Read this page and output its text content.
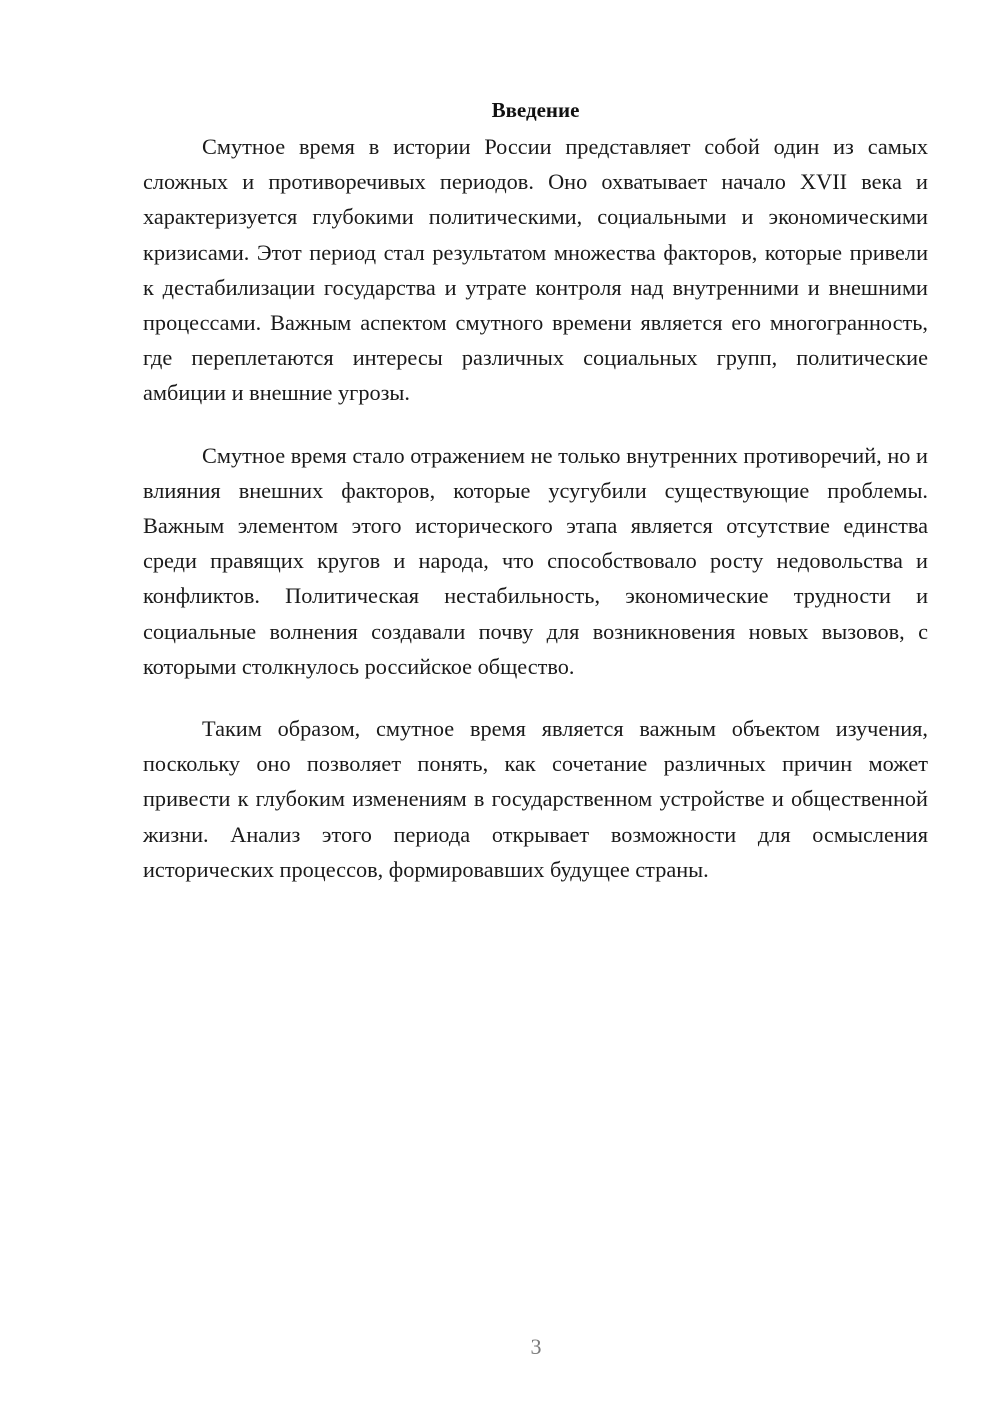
Введение

Смутное время в истории России представляет собой один из самых сложных и противоречивых периодов. Оно охватывает начало XVII века и характеризуется глубокими политическими, социальными и экономическими кризисами. Этот период стал результатом множества факторов, которые привели к дестабилизации государства и утрате контроля над внутренними и внешними процессами. Важным аспектом смутного времени является его многогранность, где переплетаются интересы различных социальных групп, политические амбиции и внешние угрозы.

Смутное время стало отражением не только внутренних противоречий, но и влияния внешних факторов, которые усугубили существующие проблемы. Важным элементом этого исторического этапа является отсутствие единства среди правящих кругов и народа, что способствовало росту недовольства и конфликтов. Политическая нестабильность, экономические трудности и социальные волнения создавали почву для возникновения новых вызовов, с которыми столкнулось российское общество.

Таким образом, смутное время является важным объектом изучения, поскольку оно позволяет понять, как сочетание различных причин может привести к глубоким изменениям в государственном устройстве и общественной жизни. Анализ этого периода открывает возможности для осмысления исторических процессов, формировавших будущее страны.

3
